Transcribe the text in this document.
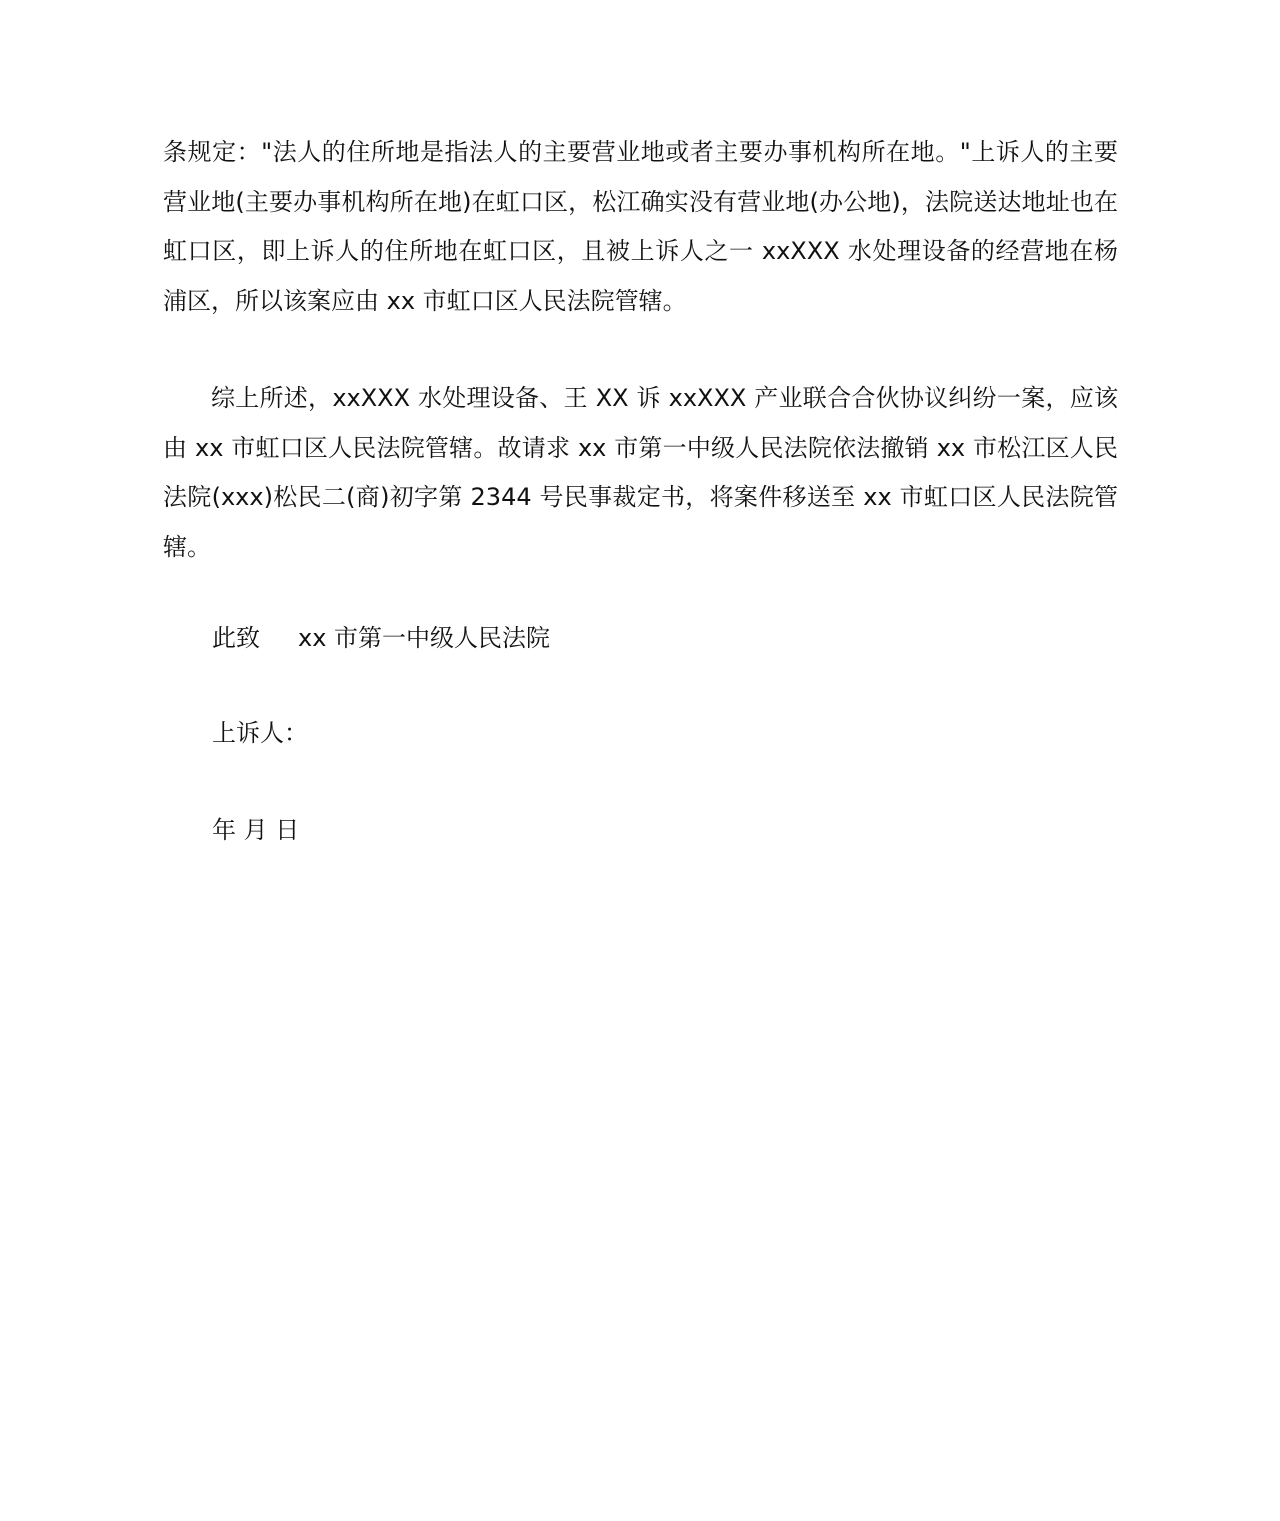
条规定："法人的住所地是指法人的主要营业地或者主要办事机构所在地。"上诉人的主要营业地(主要办事机构所在地)在虹口区，松江确实没有营业地(办公地)，法院送达地址也在虹口区，即上诉人的住所地在虹口区，且被上诉人之一 xxXXX 水处理设备的经营地在杨浦区，所以该案应由 xx 市虹口区人民法院管辖。

综上所述，xxXXX 水处理设备、王 XX 诉 xxXXX 产业联合合伙协议纠纷一案，应该由 xx 市虹口区人民法院管辖。故请求 xx 市第一中级人民法院依法撤销 xx 市松江区人民法院(xxx)松民二(商)初字第 2344 号民事裁定书，将案件移送至 xx 市虹口区人民法院管辖。

此致 xx 市第一中级人民法院

上诉人：

年 月 日
